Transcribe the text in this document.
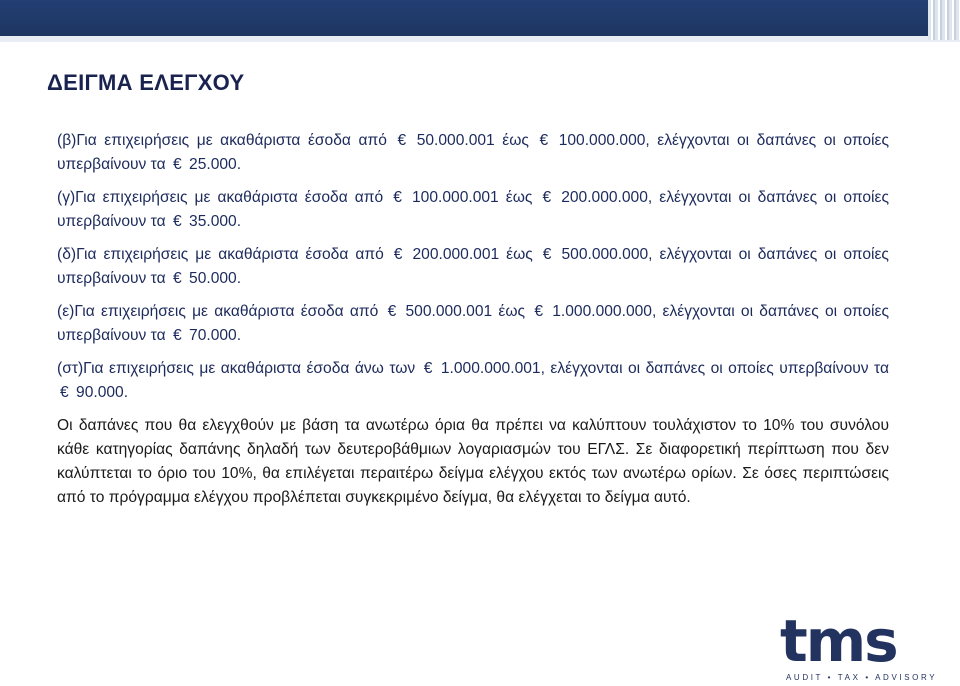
ΔΕΙΓΜΑ ΕΛΕΓΧΟΥ

(β)Για επιχειρήσεις με ακαθάριστα έσοδα από € 50.000.001 έως € 100.000.000, ελέγχονται οι δαπάνες οι οποίες υπερβαίνουν τα € 25.000.

(γ)Για επιχειρήσεις με ακαθάριστα έσοδα από € 100.000.001 έως € 200.000.000, ελέγχονται οι δαπάνες οι οποίες υπερβαίνουν τα € 35.000.

(δ)Για επιχειρήσεις με ακαθάριστα έσοδα από € 200.000.001 έως € 500.000.000, ελέγχονται οι δαπάνες οι οποίες υπερβαίνουν τα € 50.000.

(ε)Για επιχειρήσεις με ακαθάριστα έσοδα από € 500.000.001 έως € 1.000.000.000, ελέγχονται οι δαπάνες οι οποίες υπερβαίνουν τα € 70.000.

(στ)Για επιχειρήσεις με ακαθάριστα έσοδα άνω των € 1.000.000.001, ελέγχονται οι δαπάνες οι οποίες υπερβαίνουν τα € 90.000.

Οι δαπάνες που θα ελεγχθούν με βάση τα ανωτέρω όρια θα πρέπει να καλύπτουν τουλάχιστον το 10% του συνόλου κάθε κατηγορίας δαπάνης δηλαδή των δευτεροβάθμιων λογαριασμών του ΕΓΛΣ. Σε διαφορετική περίπτωση που δεν καλύπτεται το όριο του 10%, θα επιλέγεται περαιτέρω δείγμα ελέγχου εκτός των ανωτέρω ορίων. Σε όσες περιπτώσεις από το πρόγραμμα ελέγχου προβλέπεται συγκεκριμένο δείγμα, θα ελέγχεται το δείγμα αυτό.

tms
AUDIT • TAX • ADVISORY
